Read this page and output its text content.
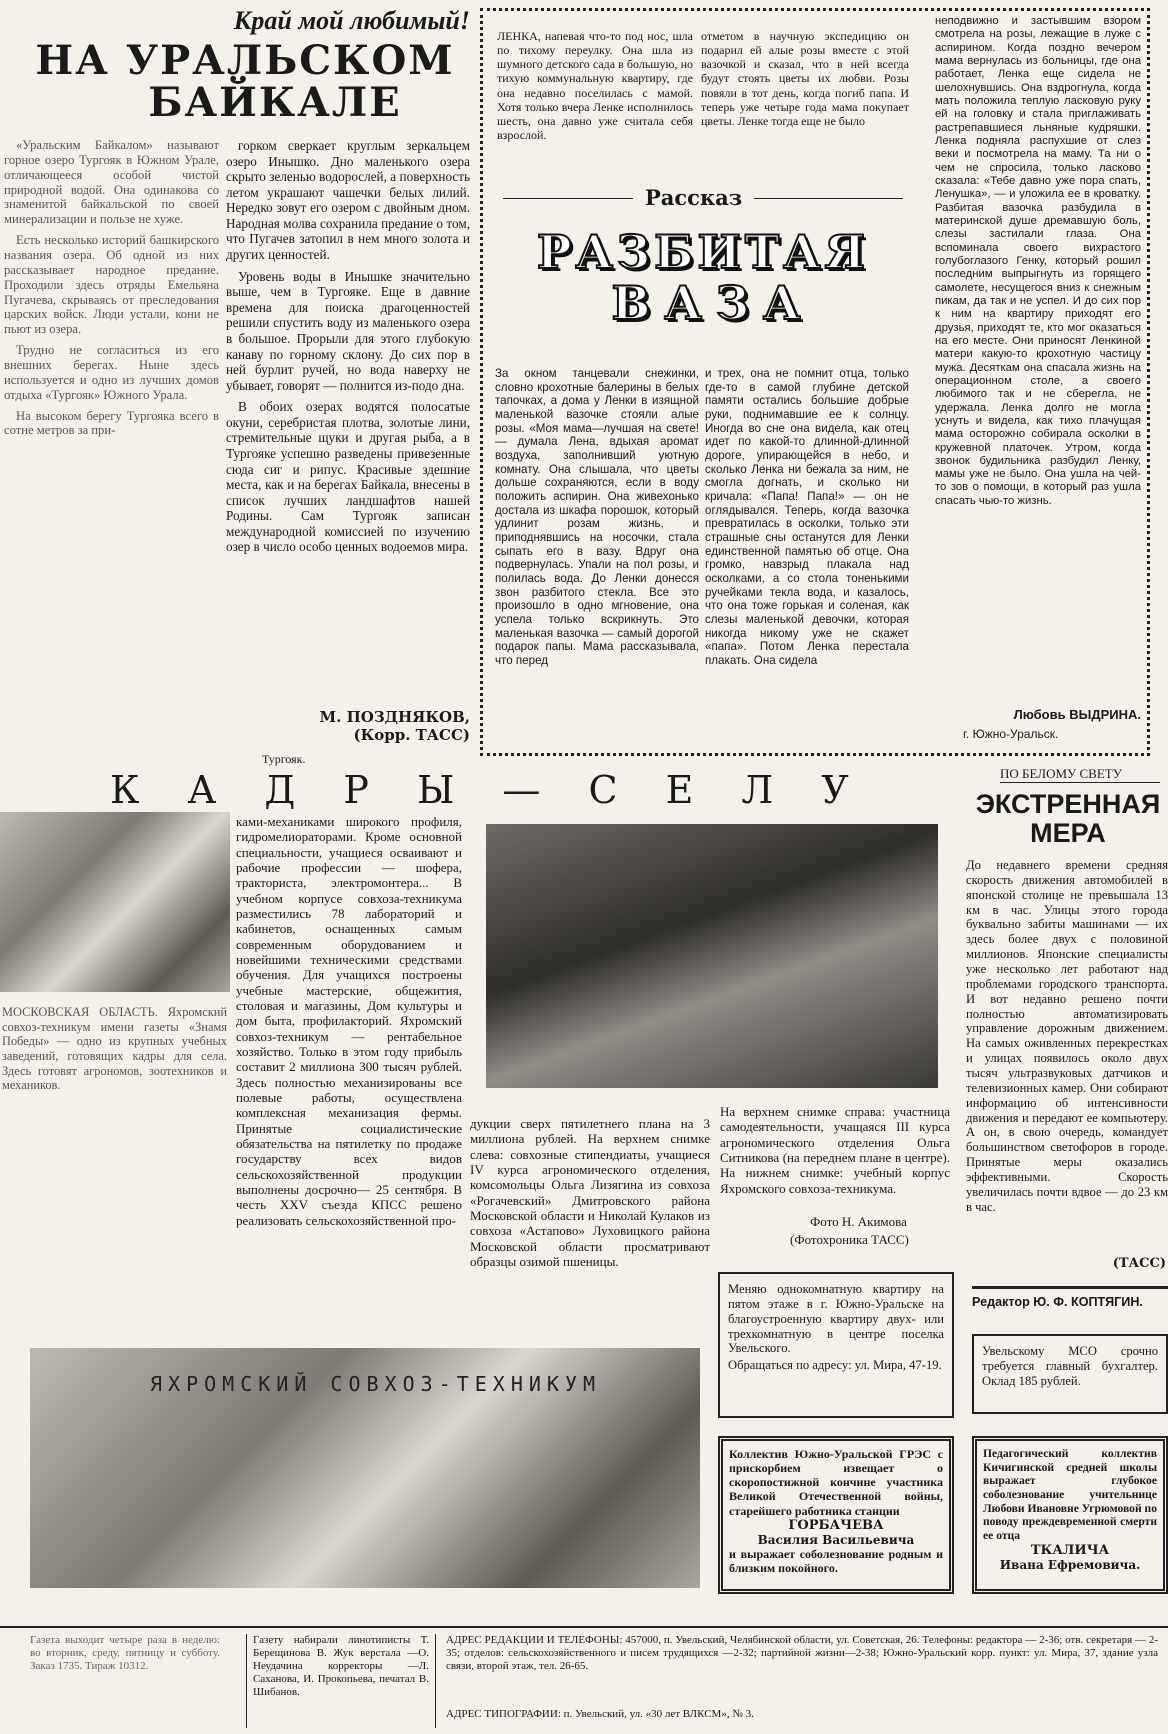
Край мой любимый!
НА УРАЛЬСКОМ
БАЙКАЛЕ

«Уральским Байкалом» называют горное озеро Тургояк в Южном Урале, отличающееся особой чистой природной водой. Она одинакова со знаменитой байкальской по своей минерализации и пользе не хуже.

Есть несколько историй башкирского названия озера. Об одной из них рассказывает народное предание. Проходили здесь отряды Емельяна Пугачева, скрываясь от преследования царских войск. Люди устали, кони не пьют из озера.

Трудно не согласиться из его внешних берегах. Ныне здесь используется и одно из лучших домов отдыха «Тургояк» Южного Урала.

На высоком берегу Тургояка всего в сотне метров за при-

горком сверкает круглым зеркальцем озеро Инышко. Дно маленького озера скрыто зеленью водорослей, а поверхность летом украшают чашечки белых лилий. Нередко зовут его озером с двойным дном. Народная молва сохранила предание о том, что Пугачев затопил в нем много золота и других ценностей.

Уровень воды в Инышке значительно выше, чем в Тургояке. Еще в давние времена для поиска драгоценностей решили спустить воду из маленького озера в большое. Прорыли для этого глубокую канаву по горному склону. До сих пор в ней бурлит ручей, но вода наверху не убывает, говорят — полнится из-подо дна.

В обоих озерах водятся полосатые окуни, серебристая плотва, золотые лини, стремительные щуки и другая рыба, а в Тургояке успешно разведены привезенные сюда сиг и рипус. Красивые здешние места, как и на берегах Байкала, внесены в список лучших ландшафтов нашей Родины. Сам Тургояк записан международной комиссией по изучению озер в число особо ценных водоемов мира.

М. ПОЗДНЯКОВ,
(Корр. ТАСС)
Тургояк.
ЛЕНКА, напевая что-то под нос, шла по тихому переулку. Она шла из шумного детского сада в большую, но тихую коммунальную квартиру, где она недавно поселилась с мамой. Хотя только вчера Ленке исполнилось шесть, она давно уже считала себя взрослой.
отметом в научную экспедицию он подарил ей алые розы вместе с этой вазочкой и сказал, что в ней всегда будут стоять цветы их любви. Розы повяли в тот день, когда погиб папа. И теперь уже четыре года мама покупает цветы. Ленке тогда еще не было
Рассказ
РАЗБИТАЯ
ВАЗА
За окном танцевали снежинки, словно крохотные балерины в белых тапочках, а дома у Ленки в изящной маленькой вазочке стояли алые розы. «Моя мама—лучшая на свете! — думала Лена, вдыхая аромат воздуха, заполнивший уютную комнату. Она слышала, что цветы дольше сохраняются, если в воду положить аспирин. Она живехонько достала из шкафа порошок, который удлинит розам жизнь, и приподнявшись на носочки, стала сыпать его в вазу. Вдруг она подвернулась. Упали на пол розы, и полилась вода. До Ленки донесся звон разбитого стекла. Все это произошло в одно мгновение, она успела только вскрикнуть. Это маленькая вазочка — самый дорогой подарок папы. Мама рассказывала, что перед
и трех, она не помнит отца, только где-то в самой глубине детской памяти остались большие добрые руки, поднимавшие ее к солнцу. Иногда во сне она видела, как отец идет по какой-то длинной-длинной дороге, упирающейся в небо, и сколько Ленка ни бежала за ним, не смогла догнать, и сколько ни кричала: «Папа! Папа!» — он не оглядывался. Теперь, когда вазочка превратилась в осколки, только эти страшные сны останутся для Ленки единственной памятью об отце. Она громко, навзрыд плакала над осколками, а со стола тоненькими ручейками текла вода, и казалось, что она тоже горькая и соленая, как слезы маленькой девочки, которая никогда никому уже не скажет «папа». Потом Ленка перестала плакать. Она сидела
неподвижно и застывшим взором смотрела на розы, лежащие в луже с аспирином. Когда поздно вечером мама вернулась из больницы, где она работает, Ленка еще сидела не шелохнувшись. Она вздрогнула, когда мать положила теплую ласковую руку ей на головку и стала приглаживать растрепавшиеся льняные кудряшки. Ленка подняла распухшие от слез веки и посмотрела на маму. Та ни о чем не спросила, только ласково сказала: «Тебе давно уже пора спать, Ленушка», — и уложила ее в кроватку. Разбитая вазочка разбудила в материнской душе дремавшую боль, слезы застилали глаза. Она вспоминала своего вихрастого голубоглазого Генку, который рошил последним выпрыгнуть из горящего самолете, несущегося вниз к снежным пикам, да так и не успел. И до сих пор к ним на квартиру приходят его друзья, приходят те, кто мог оказаться на его месте. Они приносят Ленкиной матери какую-то крохотную частицу мужа. Десяткам она спасала жизнь на операционном столе, а своего любимого так и не сберегла, не удержала. Ленка долго не могла уснуть и видела, как тихо плачущая мама осторожно собирала осколки в кружевной платочек. Утром, когда звонок будильника разбудил Ленку, мамы уже не было. Она ушла на чей-то зов о помощи, в который раз ушла спасать чью-то жизнь.
Любовь ВЫДРИНА.
г. Южно-Уральск.
К А Д Р Ы — С Е Л У
МОСКОВСКАЯ ОБЛАСТЬ. Яхромский совхоз-техникум имени газеты «Знамя Победы» — одно из крупных учебных заведений, готовящих кадры для села. Здесь готовят агрономов, зоотехников и механиков.
ками-механиками широкого профиля, гидромелиораторами. Кроме основной специальности, учащиеся осваивают и рабочие профессии — шофера, тракториста, электромонтера... В учебном корпусе совхоза-техникума разместились 78 лабораторий и кабинетов, оснащенных самым современным оборудованием и новейшими техническими средствами обучения. Для учащихся построены учебные мастерские, общежития, столовая и магазины, Дом культуры и дом быта, профилакторий. Яхромский совхоз-техникум — рентабельное хозяйство. Только в этом году прибыль составит 2 миллиона 300 тысяч рублей. Здесь полностью механизированы все полевые работы, осуществлена комплексная механизация фермы. Принятые социалистические обязательства на пятилетку по продаже государству всех видов сельскохозяйственной продукции выполнены досрочно— 25 сентября. В честь XXV съезда КПСС решено реализовать сельскохозяйственной про-
дукции сверх пятилетнего плана на 3 миллиона рублей. На верхнем снимке слева: совхозные стипендиаты, учащиеся IV курса агрономического отделения, комсомольцы Ольга Лизягина из совхоза «Рогачевский» Дмитровского района Московской области и Николай Кулаков из совхоза «Астапово» Луховицкого района Московской области просматривают образцы озимой пшеницы.
На верхнем снимке справа: участница самодеятельности, учащаяся III курса агрономического отделения Ольга Ситникова (на переднем плане в центре). На нижнем снимке: учебный корпус Яхромского совхоза-техникума.
Фото Н. Акимова
(Фотохроника ТАСС)
ЯХРОМСКИЙ СОВХОЗ-ТЕХНИКУМ
ПО БЕЛОМУ СВЕТУ
ЭКСТРЕННАЯ
МЕРА
До недавнего времени средняя скорость движения автомобилей в японской столице не превышала 13 км в час. Улицы этого города буквально забиты машинами — их здесь более двух с половиной миллионов. Японские специалисты уже несколько лет работают над проблемами городского транспорта. И вот недавно решено почти полностью автоматизировать управление дорожным движением. На самых оживленных перекрестках и улицах появилось около двух тысяч ультразвуковых датчиков и телевизионных камер. Они собирают информацию об интенсивности движения и передают ее компьютеру. А он, в свою очередь, командует большинством светофоров в городе. Принятые меры оказались эффективными. Скорость увеличилась почти вдвое — до 23 км в час.
(ТАСС)
Меняю однокомнатную квартиру на пятом этаже в г. Южно-Уральске на благоустроенную квартиру двух- или трехкомнатную в центре поселка Увельского.
Обращаться по адресу: ул. Мира, 47-19.
Редактор Ю. Ф. КОПТЯГИН.
Увельскому МСО срочно требуется главный бухгалтер. Оклад 185 рублей.
Коллектив Южно-Уральской ГРЭС с прискорбием извещает о скоропостижной кончине участника Великой Отечественной войны, старейшего работника станции
ГОРБАЧЕВА
Василия Васильевича
и выражает соболезнование родным и близким покойного.
Педагогический коллектив Кичигинской средней школы выражает глубокое соболезнование учительнице Любови Ивановне Угрюмовой по поводу преждевременной смерти ее отца
ТКАЛИЧА
Ивана Ефремовича.
Газета выходит четыре раза в неделю: во вторник, среду, пятницу и субботу. Заказ 1735. Тираж 10312.
Газету набирали линотиписты Т. Берещинова В. Жук верстала —О. Неудачина корректоры —Л. Саханова, И. Прокопьева, печатал В. Шибанов.
АДРЕС РЕДАКЦИИ И ТЕЛЕФОНЫ: 457000, п. Увельский, Челябинской области, ул. Советская, 26. Телефоны: редактора — 2-36; отв. секретаря — 2-35; отделов: сельскохозяйственного и писем трудящихся —2-32; партийной жизни—2-38; Южно-Уральский корр. пункт: ул. Мира, 37, здание узла связи, второй этаж, тел. 26-65.
АДРЕС ТИПОГРАФИИ: п. Увельский, ул. «30 лет ВЛКСМ», № 3.
